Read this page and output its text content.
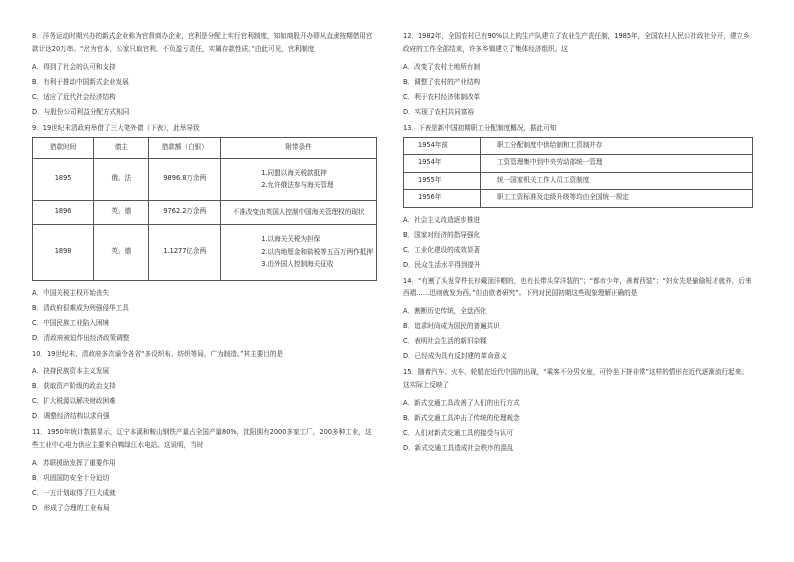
8．洋务运动时期兴办的新式企业称为官督商办企业，官利是分配上实行官利制度，知如商股开办即从直隶按期借用官款计达20万串。“岔为官本，公家只取官利，不负盈亏责任，实属存款性质。”由此可见，官利制度

A．得到了社会的认可和支持

B．有利于推动中国新式企业发展

C．适应了近代社会经济结构

D．与股份公司利益分配方式相同

9．19世纪末清政府举借了三大笔外债（下表），此举导致

借款时间	债主	借款额（白银）	附带条件
1895	俄、法	9896.8万余两	1.同盟以海关税款抵押
2.允许俄法参与海关管理

1896	英、德	9762.2万余两	不准改变由英国人控制中国海关管理权的现状

1898	英、德	1.1277亿余两	1.以海关关税为担保
2.以内地厘金和盐税等五百万两作抵押
3.由外国人控制海关征收

A．中国关税主权开始丧失

B．清政府很难成为列强侵华工具

C．中国民族工业陷入困境

D．清政府被迫作出经济政策调整

10．19世纪末，清政府多次谕令各省“多设织布、纺织等局，广为制造。”其主要目的是

A．抉持民族资本主义发展

B．获取资产阶级的政治支持

C．扩大税源以解决财政困难

D．调整经济结构以求自强

11．1950年统计数据显示，辽宁本溪和鞍山钢铁产量占全国产量80%，沈阳拥有2000多家工厂，200多种工业，这些工业中心电力供应主要来自鸭绿江水电站。这说明，当时

A．苏联援助发挥了重要作用

B．巩固国防安全十分迫切

C．一五计划取得了巨大成就

D．形成了合理的工业布局

12．1982年，全国农村已有90%以上的生产队建立了农业生产责任制，1985年，全国农村人民公社政社分开，建立乡政府的工作全部结束，许多乡镇建立了集体经济组织。这

A．改变了农村土地所有制

B．调整了农村的产业结构

C．利于农村经济体制改革

D．实现了农村共同富裕

13．下表是新中国初期职工分配制度概况，据此可知

1954年前	职工分配制度中供给制和工资制并存
1954年	工资管理集中到中央劳动部统一管理
1955年	统一国家机关工作人员工资制度
1956年	职工工资标准及定级升级等均由全国统一规定

A．社会主义改造逐步推进

B．国家对经济的指导强化

C．工业化建设的成效显著

D．民众生活水平得到提升

14．“有割了头发穿件长衫戴顶洋帽的，也有长带头穿洋装的”；“都市少年，善着西装”；“妇女先是偷偷短才就养，后来西褶……迅则就发为西。”但由欧者研究”。下列对民国初期这些现象理解正确的是

A．割断历史传统，全盘西化

B．追求时尚成为国民的普遍共识

C．表明社会生活的新旧杂糅

D．已经成为具有反封建的革命意义

15．随着汽车、火车、轮船在近代中国的出现，“乘客不分男女座，可怜坐下挤非常”这样的情形在近代逐渐流行起来。这实际上反映了

A．新式交通工具改善了人们的出行方式

B．新式交通工具冲击了传统的伦理观念

C．人们对新式交通工具的接受与认可

D．新式交通工具造成社会秩序的混乱
